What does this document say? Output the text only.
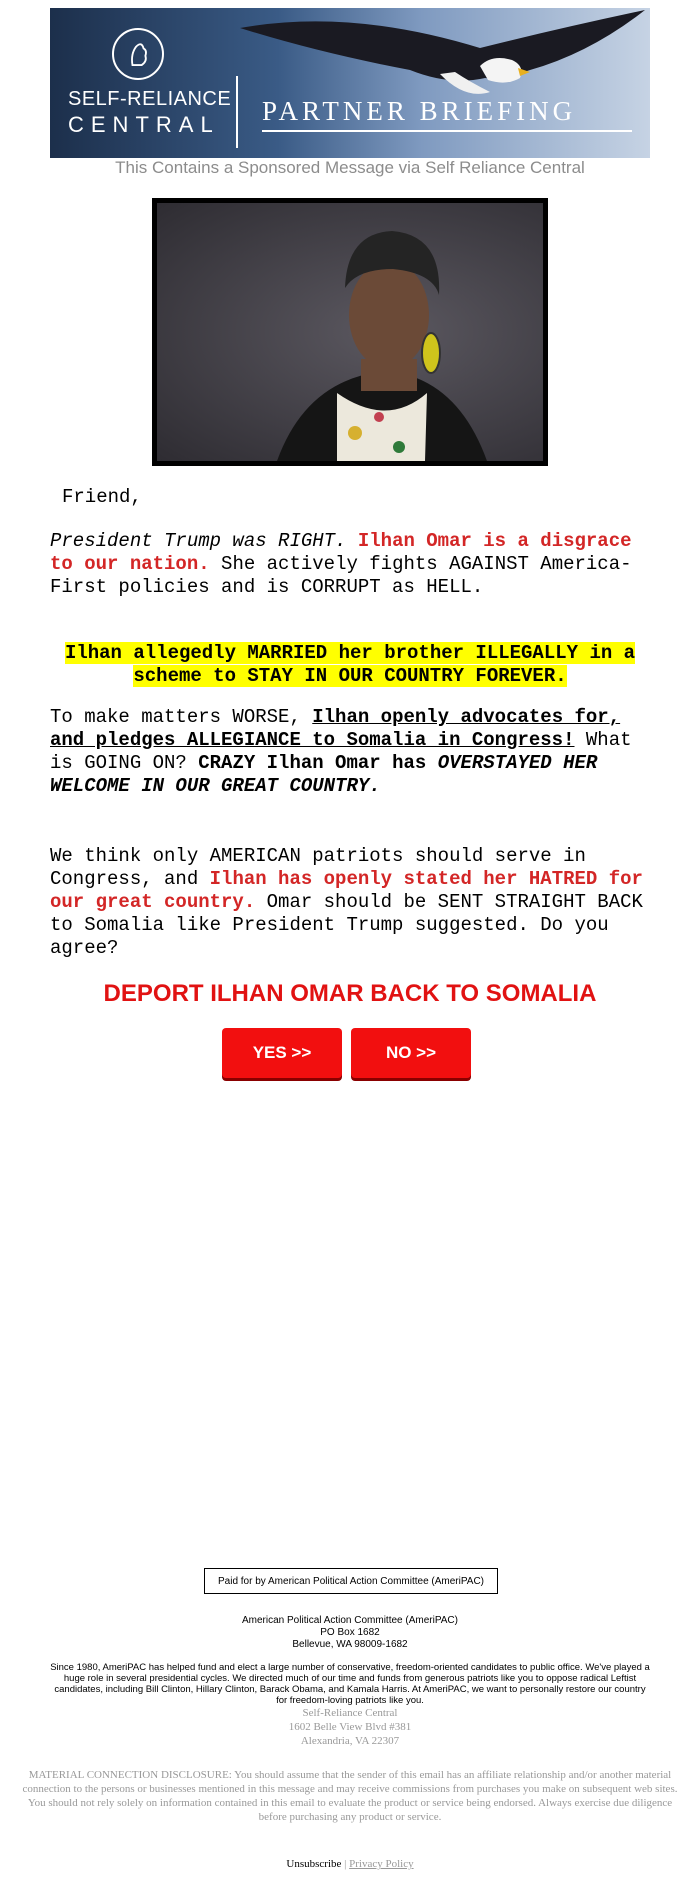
SELF-RELIANCE
CENTRAL PARTNER BRIEFING
This Contains a Sponsored Message via Self Reliance Central
Friend,
President Trump was RIGHT. Ilhan Omar is a disgrace to our nation. She actively fights AGAINST America-First policies and is CORRUPT as HELL.
Ilhan allegedly MARRIED her brother ILLEGALLY in a scheme to STAY IN OUR COUNTRY FOREVER.
To make matters WORSE, Ilhan openly advocates for, and pledges ALLEGIANCE to Somalia in Congress! What is GOING ON? CRAZY Ilhan Omar has OVERSTAYED HER WELCOME IN OUR GREAT COUNTRY.
We think only AMERICAN patriots should serve in Congress, and Ilhan has openly stated her HATRED for our great country. Omar should be SENT STRAIGHT BACK to Somalia like President Trump suggested. Do you agree?
DEPORT ILHAN OMAR BACK TO SOMALIA
YES >>	NO >>
Paid for by American Political Action Committee (AmeriPAC)
American Political Action Committee (AmeriPAC)
PO Box 1682
Bellevue, WA 98009-1682
Since 1980, AmeriPAC has helped fund and elect a large number of conservative, freedom-oriented candidates to public office. We've played a huge role in several presidential cycles. We directed much of our time and funds from generous patriots like you to oppose radical Leftist candidates, including Bill Clinton, Hillary Clinton, Barack Obama, and Kamala Harris. At AmeriPAC, we want to personally restore our country for freedom-loving patriots like you.
Self-Reliance Central
1602 Belle View Blvd #381
Alexandria, VA 22307
MATERIAL CONNECTION DISCLOSURE: You should assume that the sender of this email has an affiliate relationship and/or another material connection to the persons or businesses mentioned in this message and may receive commissions from purchases you make on subsequent web sites. You should not rely solely on information contained in this email to evaluate the product or service being endorsed. Always exercise due diligence before purchasing any product or service.
Unsubscribe | Privacy Policy
